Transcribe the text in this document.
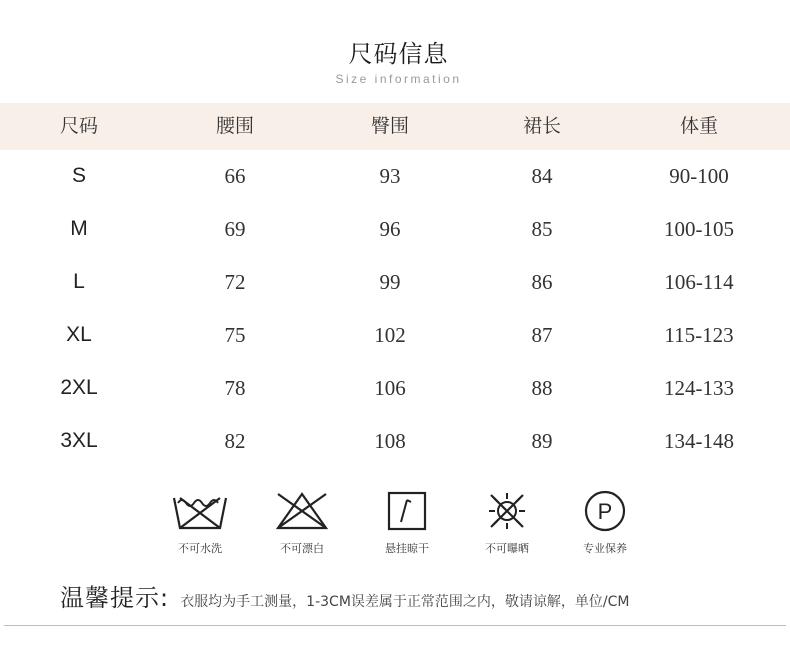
尺码信息
Size information
尺码	腰围	臀围	裙长	体重
S	66	93	84	90-100
M	69	96	85	100-105
L	72	99	86	106-114
XL	75	102	87	115-123
2XL	78	106	88	124-133
3XL	82	108	89	134-148
不可水洗	不可漂白	悬挂晾干	不可曝晒
P
专业保养
温馨提示: 衣服均为手工测量，1-3CM误差属于正常范围之内，敬请谅解，单位/CM
